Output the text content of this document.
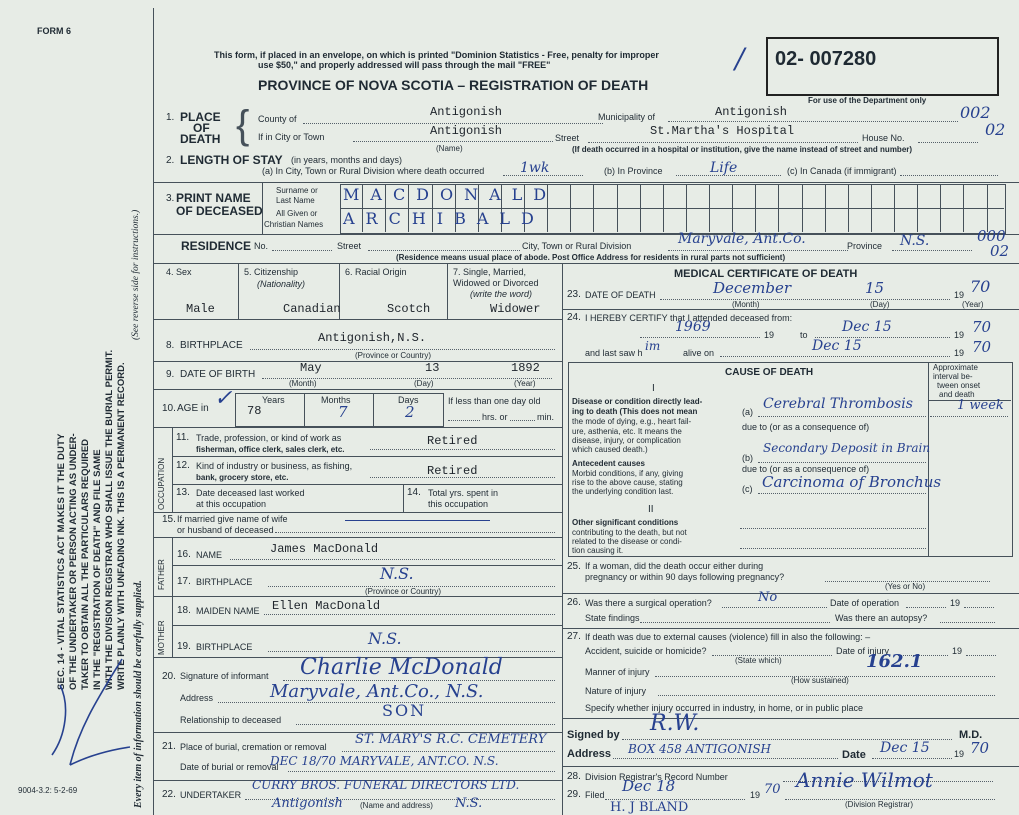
FORM 6
SEC. 14 - VITAL STATISTICS ACT MAKES IT THE DUTY OF THE UNDERTAKER OR PERSON ACTING AS UNDER- TAKER TO OBTAIN ALL THE PARTICULARS REQUIRED IN THE "REGISTRATION OF DEATH" AND FILE SAME WITH THE DIVISION REGISTRAR WHO SHALL ISSUE THE BURIAL PERMIT. WRITE PLAINLY WITH UNFADING INK. THIS IS A PERMANENT RECORD.
(See reverse side for instructions.)
Every item of information should be carefully supplied.
9004-3.2: 5-2-69
This form, if placed in an envelope, on which is printed "Dominion Statistics - Free, penalty for improper
use $50," and properly addressed will pass through the mail "FREE"
PROVINCE OF NOVA SCOTIA – REGISTRATION OF DEATH
/ 02- 007280
For use of the Department only
002
02
1. PLACE
OF
DEATH { County of	Antigonish	Municipality of	Antigonish
If in City or Town	Antigonish
(Name)
Street	St.Martha's Hospital	House No.
(If death occurred in a hospital or institution, give the name instead of street and number)
2. LENGTH OF STAY (in years, months and days)
(a) In City, Town or Rural Division where death occurred	1wk	(b) In Province	Life	(c) In Canada (if immigrant)
3. PRINT NAME
OF DECEASED
Surname or
Last Name
All Given or
Christian Names
MACDONALD
ARCHIBALD
RESIDENCE No.	Street	City, Town or Rural Division	Maryvale, Ant.Co.	Province N.S.	000
02
(Residence means usual place of abode. Post Office Address for residents in rural parts not sufficient)
4. Sex
Male
5. Citizenship
(Nationality)
Canadian
6. Racial Origin
Scotch
7. Single, Married,
Widowed or Divorced
(write the word)
Widower
8. BIRTHPLACE
Antigonish,N.S.
(Province or Country)
9. DATE OF BIRTH	May	13	1892
(Month)	(Day)	(Year)
10. AGE in ✓	Years
78
Months
7
Days
2
If less than one day old
hrs. or	min.
OCCUPATION
11. Trade, profession, or kind of work as
fisherman, office clerk, sales clerk, etc.
Retired
12. Kind of industry or business, as fishing,
bank, grocery store, etc.	Retired
13. Date deceased last worked
at this occupation
14. Total yrs. spent in
this occupation
15. If married give name of wife
or husband of deceased
FATHER
16. NAME	James MacDonald
17. BIRTHPLACE	N.S.
(Province or Country)
MOTHER
18. MAIDEN NAME Ellen MacDonald
19. BIRTHPLACE	N.S.
20. Signature of informant Charlie McDonald
Address	Maryvale, Ant.Co., N.S.
Relationship to deceased	SON
21. Place of burial, cremation or removal ST. MARY'S R.C. CEMETERY
Date of burial or removal
DEC 18/70 MARYVALE, ANT.CO. N.S.
22. UNDERTAKER
CURRY BROS. FUNERAL DIRECTORS LTD.
Antigonish (Name and address) N.S.
MEDICAL CERTIFICATE OF DEATH
23. DATE OF DEATH	December	15	19 70
(Month)	(Day)	(Year)
24. I HEREBY CERTIFY that I attended deceased from:
1969	19	to Dec 15	19 70
and last saw h im	alive on	Dec 15	19 70
CAUSE OF DEATH	Approximate
interval be-
tween onset
and death
I
Disease or condition directly lead-
ing to death (This does not mean
the mode of dying, e.g., heart fail-
ure, asthenia, etc. It means the
disease, injury, or complication
which caused death.)
(a) Cerebral Thrombosis	1 week
due to (or as a consequence of)
Antecedent causes
Morbid conditions, if any, giving
rise to the above cause, stating
the underlying condition last.
(b)
Secondary Deposit in Brain
due to (or as a consequence of)
(c) Carcinoma of Bronchus
II
Other significant conditions
contributing to the death, but not
related to the disease or condi-
tion causing it.
25. If a woman, did the death occur either during
pregnancy or within 90 days following pregnancy?
(Yes or No)
26. Was there a surgical operation?	No	Date of operation	19
State findings	Was there an autopsy?
27. If death was due to external causes (violence) fill in also the following: –
Accident, suicide or homicide?	Date of injury	19
(State which)
Manner of injury	162.1
(How sustained)
Nature of injury
Specify whether injury occurred in industry, in home, or in public place
Signed by R.W.	M.D.
Address BOX 458 ANTIGONISH	Date Dec 15	19 70
28. Division Registrar's Record Number
29. Filed Dec 18	19 70 Annie Wilmot
(Division Registrar)
H. J BLAND
